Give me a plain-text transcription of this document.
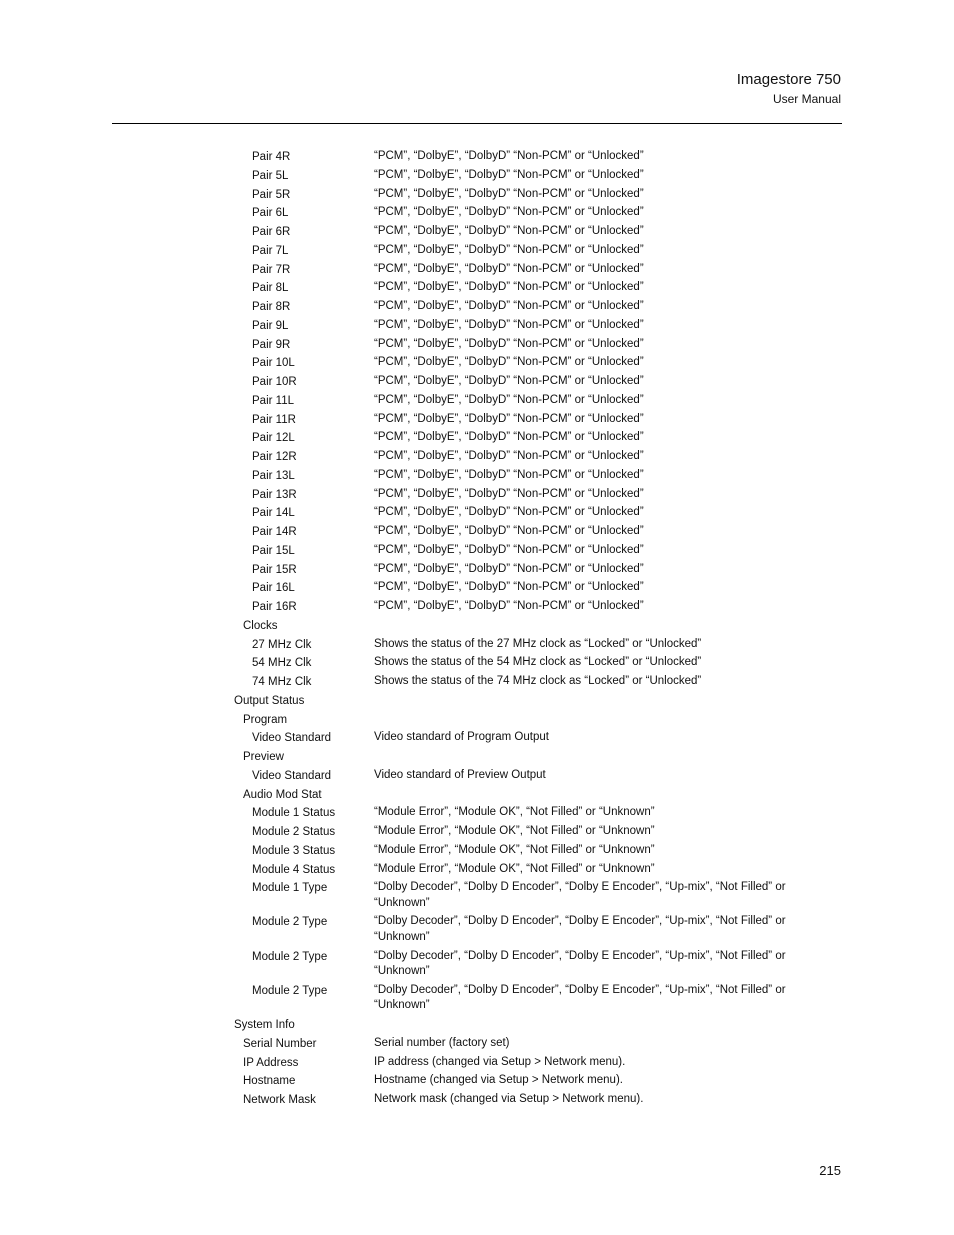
Imagestore 750
User Manual
Pair 4R	“PCM”, “DolbyE”, “DolbyD” “Non-PCM” or “Unlocked”
Pair 5L	“PCM”, “DolbyE”, “DolbyD” “Non-PCM” or “Unlocked”
Pair 5R	“PCM”, “DolbyE”, “DolbyD” “Non-PCM” or “Unlocked”
Pair 6L	“PCM”, “DolbyE”, “DolbyD” “Non-PCM” or “Unlocked”
Pair 6R	“PCM”, “DolbyE”, “DolbyD” “Non-PCM” or “Unlocked”
Pair 7L	“PCM”, “DolbyE”, “DolbyD” “Non-PCM” or “Unlocked”
Pair 7R	“PCM”, “DolbyE”, “DolbyD” “Non-PCM” or “Unlocked”
Pair 8L	“PCM”, “DolbyE”, “DolbyD” “Non-PCM” or “Unlocked”
Pair 8R	“PCM”, “DolbyE”, “DolbyD” “Non-PCM” or “Unlocked”
Pair 9L	“PCM”, “DolbyE”, “DolbyD” “Non-PCM” or “Unlocked”
Pair 9R	“PCM”, “DolbyE”, “DolbyD” “Non-PCM” or “Unlocked”
Pair 10L	“PCM”, “DolbyE”, “DolbyD” “Non-PCM” or “Unlocked”
Pair 10R	“PCM”, “DolbyE”, “DolbyD” “Non-PCM” or “Unlocked”
Pair 11L	“PCM”, “DolbyE”, “DolbyD” “Non-PCM” or “Unlocked”
Pair 11R	“PCM”, “DolbyE”, “DolbyD” “Non-PCM” or “Unlocked”
Pair 12L	“PCM”, “DolbyE”, “DolbyD” “Non-PCM” or “Unlocked”
Pair 12R	“PCM”, “DolbyE”, “DolbyD” “Non-PCM” or “Unlocked”
Pair 13L	“PCM”, “DolbyE”, “DolbyD” “Non-PCM” or “Unlocked”
Pair 13R	“PCM”, “DolbyE”, “DolbyD” “Non-PCM” or “Unlocked”
Pair 14L	“PCM”, “DolbyE”, “DolbyD” “Non-PCM” or “Unlocked”
Pair 14R	“PCM”, “DolbyE”, “DolbyD” “Non-PCM” or “Unlocked”
Pair 15L	“PCM”, “DolbyE”, “DolbyD” “Non-PCM” or “Unlocked”
Pair 15R	“PCM”, “DolbyE”, “DolbyD” “Non-PCM” or “Unlocked”
Pair 16L	“PCM”, “DolbyE”, “DolbyD” “Non-PCM” or “Unlocked”
Pair 16R	“PCM”, “DolbyE”, “DolbyD” “Non-PCM” or “Unlocked”
Clocks
27 MHz Clk	Shows the status of the 27 MHz clock as “Locked” or “Unlocked”
54 MHz Clk	Shows the status of the 54 MHz clock as “Locked” or “Unlocked”
74 MHz Clk	Shows the status of the 74 MHz clock as “Locked” or “Unlocked”
Output Status
Program
Video Standard	Video standard of Program Output
Preview
Video Standard	Video standard of Preview Output
Audio Mod Stat
Module 1 Status	“Module Error”, “Module OK”, “Not Filled” or “Unknown”
Module 2 Status	“Module Error”, “Module OK”, “Not Filled” or “Unknown”
Module 3 Status	“Module Error”, “Module OK”, “Not Filled” or “Unknown”
Module 4 Status	“Module Error”, “Module OK”, “Not Filled” or “Unknown”
Module 1 Type	“Dolby Decoder”, “Dolby D Encoder”, “Dolby E Encoder”, “Up-mix”, “Not Filled” or “Unknown”
Module 2 Type	“Dolby Decoder”, “Dolby D Encoder”, “Dolby E Encoder”, “Up-mix”, “Not Filled” or “Unknown”
Module 2 Type	“Dolby Decoder”, “Dolby D Encoder”, “Dolby E Encoder”, “Up-mix”, “Not Filled” or “Unknown”
Module 2 Type	“Dolby Decoder”, “Dolby D Encoder”, “Dolby E Encoder”, “Up-mix”, “Not Filled” or “Unknown”
System Info
Serial Number	Serial number (factory set)
IP Address	IP address (changed via Setup > Network menu).
Hostname	Hostname (changed via Setup > Network menu).
Network Mask	Network mask (changed via Setup > Network menu).
215
